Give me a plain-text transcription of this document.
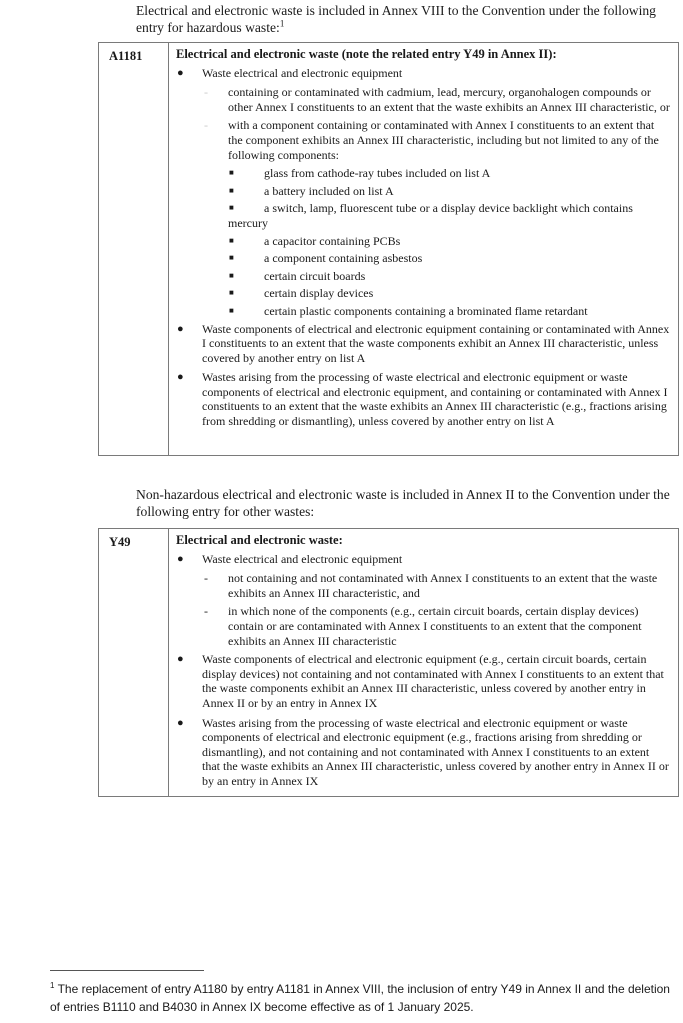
Electrical and electronic waste is included in Annex VIII to the Convention under the following entry for hazardous waste:$^1$

A1181	Electrical and electronic waste (note the related entry Y49 in Annex II):
● Waste electrical and electronic equipment
- containing or contaminated with cadmium, lead, mercury, organohalogen compounds or other Annex I constituents to an extent that the waste exhibits an Annex III characteristic, or
- with a component containing or contaminated with Annex I constituents to an extent that the component exhibits an Annex III characteristic, including but not limited to any of the following components:
■	glass from cathode-ray tubes included on list A
■	a battery included on list A
■	a switch, lamp, fluorescent tube or a display device backlight which contains mercury
■	a capacitor containing PCBs
■	a component containing asbestos
■	certain circuit boards
■	certain display devices
■	certain plastic components containing a brominated flame retardant
● Waste components of electrical and electronic equipment containing or contaminated with Annex I constituents to an extent that the waste components exhibit an Annex III characteristic, unless covered by another entry on list A
● Wastes arising from the processing of waste electrical and electronic equipment or waste components of electrical and electronic equipment, and containing or contaminated with Annex I constituents to an extent that the waste exhibits an Annex III characteristic (e.g., fractions arising from shredding or dismantling), unless covered by another entry on list A

Non-hazardous electrical and electronic waste is included in Annex II to the Convention under the following entry for other wastes:

Y49	Electrical and electronic waste:
● Waste electrical and electronic equipment
- not containing and not contaminated with Annex I constituents to an extent that the waste exhibits an Annex III characteristic, and
- in which none of the components (e.g., certain circuit boards, certain display devices) contain or are contaminated with Annex I constituents to an extent that the component exhibits an Annex III characteristic
● Waste components of electrical and electronic equipment (e.g., certain circuit boards, certain display devices) not containing and not contaminated with Annex I constituents to an extent that the waste components exhibit an Annex III characteristic, unless covered by another entry in Annex II or by an entry in Annex IX
● Wastes arising from the processing of waste electrical and electronic equipment or waste components of electrical and electronic equipment (e.g., fractions arising from shredding or dismantling), and not containing and not contaminated with Annex I constituents to an extent that the waste exhibits an Annex III characteristic, unless covered by another entry in Annex II or by an entry in Annex IX
$^1$ The replacement of entry A1180 by entry A1181 in Annex VIII, the inclusion of entry Y49 in Annex II and the deletion of entries B1110 and B4030 in Annex IX become effective as of 1 January 2025.
